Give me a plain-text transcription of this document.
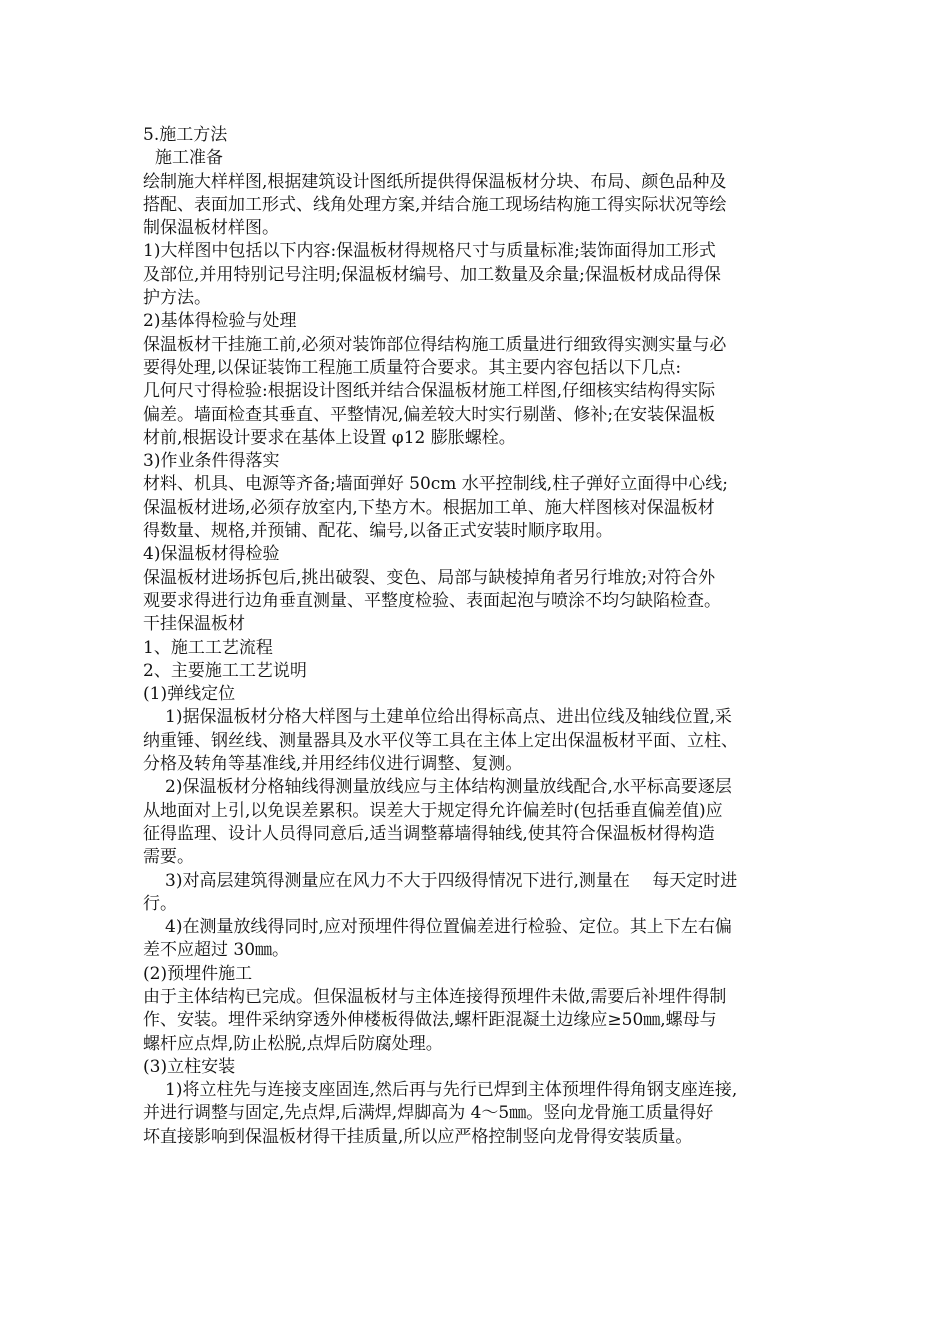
5.施工方法
施工准备
绘制施大样样图,根据建筑设计图纸所提供得保温板材分块、布局、颜色品种及
搭配、表面加工形式、线角处理方案,并结合施工现场结构施工得实际状况等绘
制保温板材样图。
1)大样图中包括以下内容:保温板材得规格尺寸与质量标准;装饰面得加工形式
及部位,并用特别记号注明;保温板材编号、加工数量及余量;保温板材成品得保
护方法。
2)基体得检验与处理
保温板材干挂施工前,必须对装饰部位得结构施工质量进行细致得实测实量与必
要得处理,以保证装饰工程施工质量符合要求。其主要内容包括以下几点:
几何尺寸得检验:根据设计图纸并结合保温板材施工样图,仔细核实结构得实际
偏差。墙面检查其垂直、平整情况,偏差较大时实行剔凿、修补;在安装保温板
材前,根据设计要求在基体上设置 φ12 膨胀螺栓。
3)作业条件得落实
材料、机具、电源等齐备;墙面弹好 50cm 水平控制线,柱子弹好立面得中心线;
保温板材进场,必须存放室内,下垫方木。根据加工单、施大样图核对保温板材
得数量、规格,并预铺、配花、编号,以备正式安装时顺序取用。
4)保温板材得检验
保温板材进场拆包后,挑出破裂、变色、局部与缺棱掉角者另行堆放;对符合外
观要求得进行边角垂直测量、平整度检验、表面起泡与喷涂不均匀缺陷检查。
干挂保温板材
1、施工工艺流程
2、主要施工工艺说明
(1)弹线定位
1)据保温板材分格大样图与土建单位给出得标高点、进出位线及轴线位置,采
纳重锤、钢丝线、测量器具及水平仪等工具在主体上定出保温板材平面、立柱、
分格及转角等基准线,并用经纬仪进行调整、复测。
2)保温板材分格轴线得测量放线应与主体结构测量放线配合,水平标高要逐层
从地面对上引,以免误差累积。误差大于规定得允许偏差时(包括垂直偏差值)应
征得监理、设计人员得同意后,适当调整幕墙得轴线,使其符合保温板材得构造
需要。
3)对高层建筑得测量应在风力不大于四级得情况下进行,测量在　 每天定时进
行。
4)在测量放线得同时,应对预埋件得位置偏差进行检验、定位。其上下左右偏
差不应超过 30㎜。
(2)预埋件施工
由于主体结构已完成。但保温板材与主体连接得预埋件未做,需要后补埋件得制
作、安装。埋件采纳穿透外伸楼板得做法,螺杆距混凝土边缘应≥50㎜,螺母与
螺杆应点焊,防止松脱,点焊后防腐处理。
(3)立柱安装
1)将立柱先与连接支座固连,然后再与先行已焊到主体预埋件得角钢支座连接,
并进行调整与固定,先点焊,后满焊,焊脚高为 4～5㎜。竖向龙骨施工质量得好
坏直接影响到保温板材得干挂质量,所以应严格控制竖向龙骨得安装质量。
